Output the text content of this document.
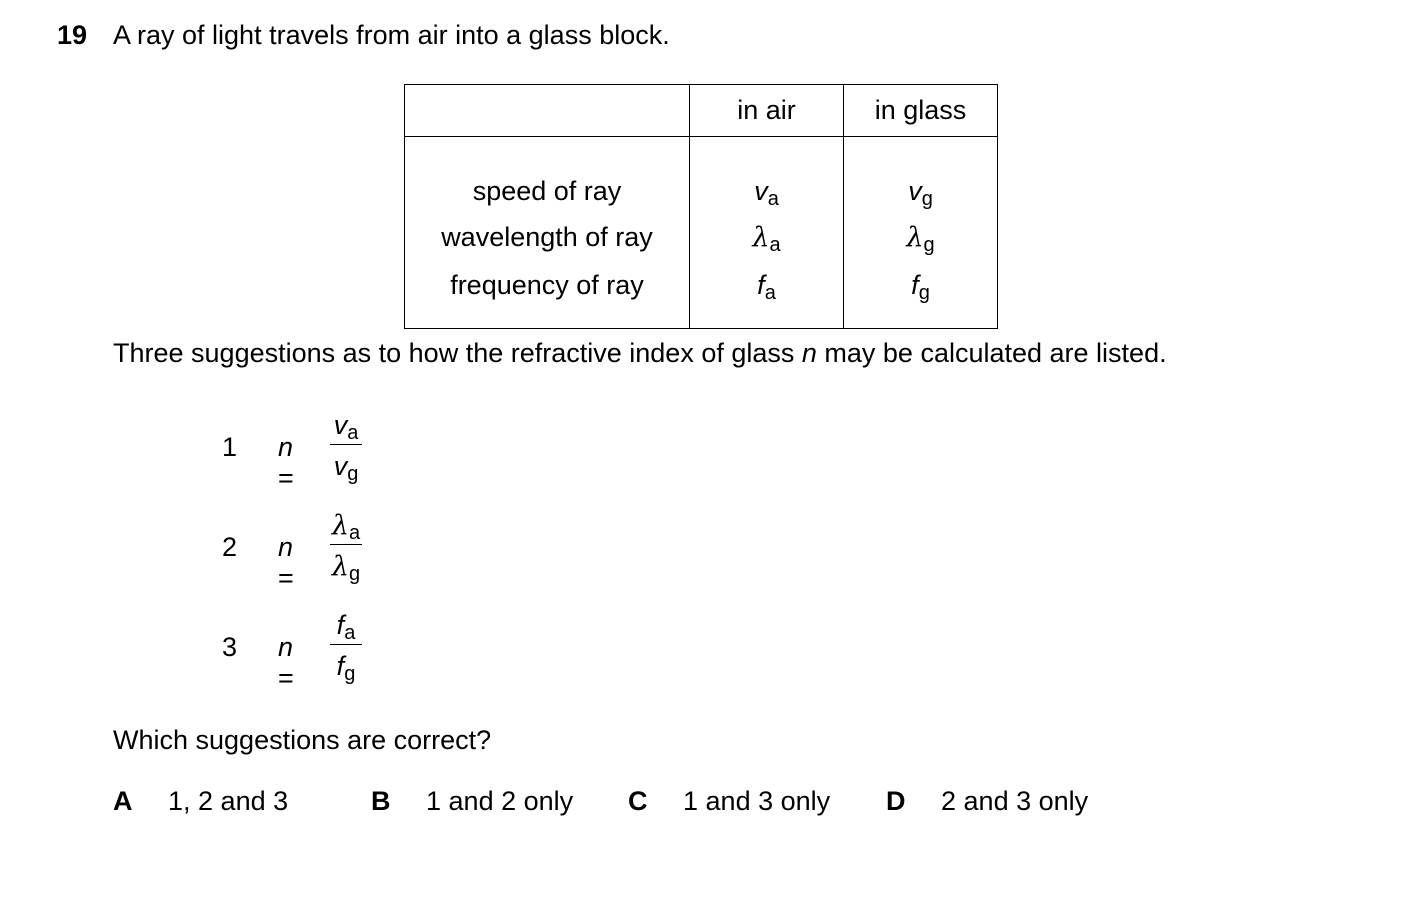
19 A ray of light travels from air into a glass block.
	in air	in glass
speed of ray	va	vg
wavelength of ray	λa	λg
frequency of ray	fa	fg
Three suggestions as to how the refractive index of glass n may be calculated are listed.
1 n =
va
vg
2 n =
λa
λg
3 n =
fa
fg
Which suggestions are correct?
A 1, 2 and 3	B 1 and 2 only C 1 and 3 only D 2 and 3 only
